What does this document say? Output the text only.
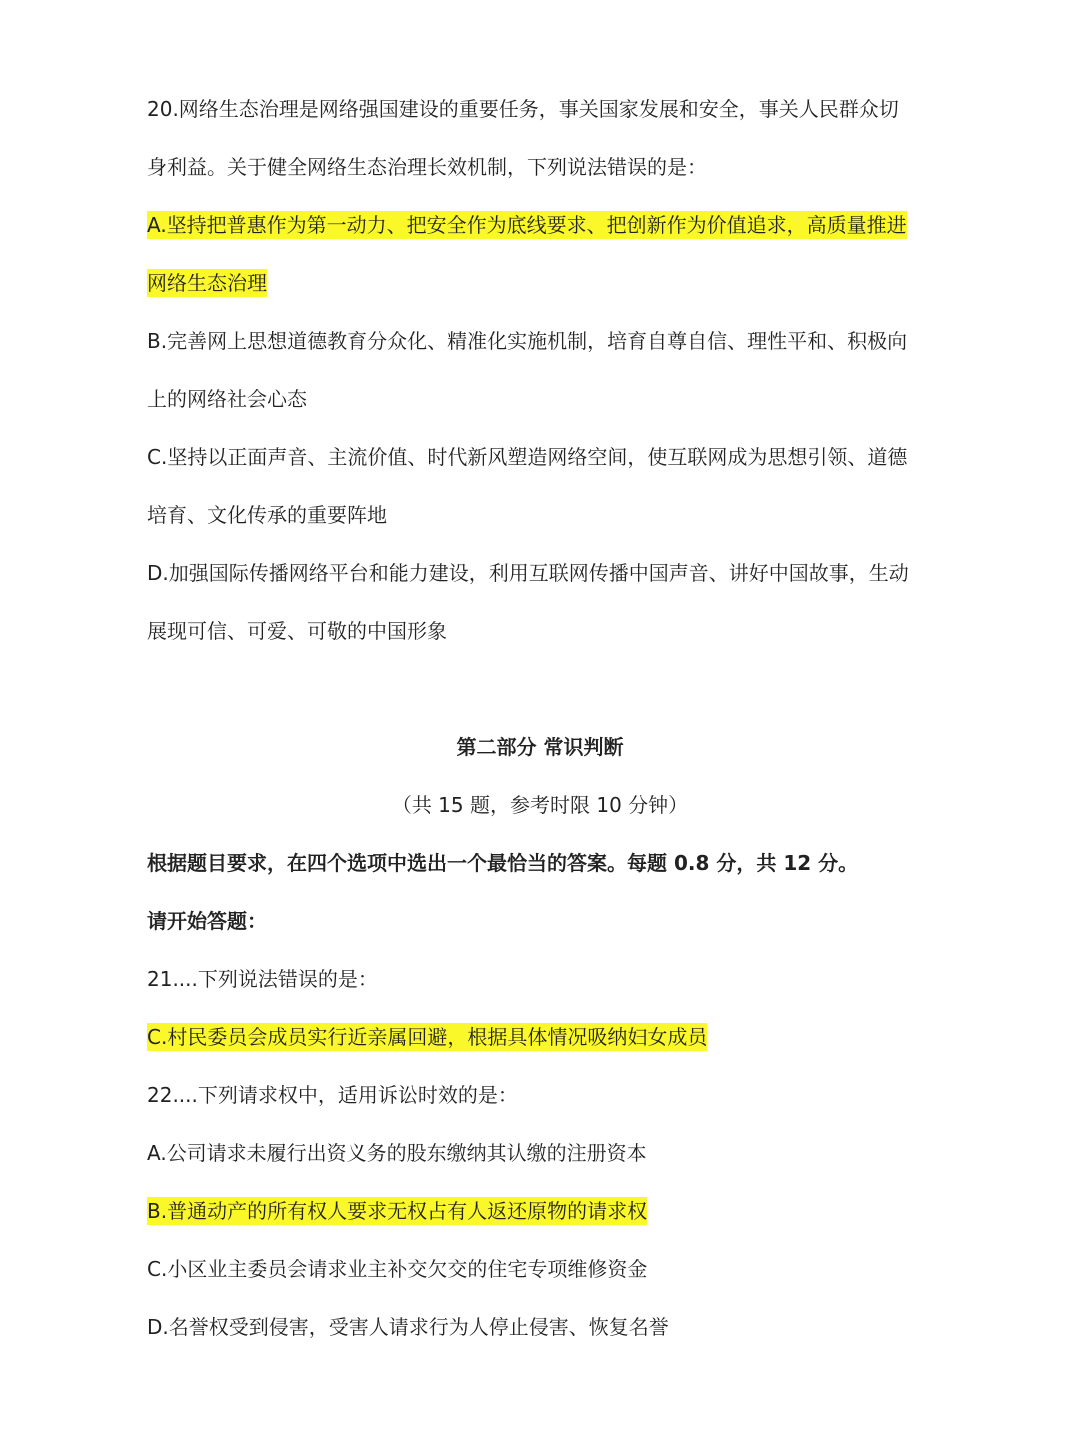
20.网络生态治理是网络强国建设的重要任务，事关国家发展和安全，事关人民群众切
身利益。关于健全网络生态治理长效机制，下列说法错误的是：
A.坚持把普惠作为第一动力、把安全作为底线要求、把创新作为价值追求，高质量推进
网络生态治理
B.完善网上思想道德教育分众化、精准化实施机制，培育自尊自信、理性平和、积极向
上的网络社会心态
C.坚持以正面声音、主流价值、时代新风塑造网络空间，使互联网成为思想引领、道德
培育、文化传承的重要阵地
D.加强国际传播网络平台和能力建设，利用互联网传播中国声音、讲好中国故事，生动
展现可信、可爱、可敬的中国形象
第二部分 常识判断
（共 15 题，参考时限 10 分钟）
根据题目要求，在四个选项中选出一个最恰当的答案。每题 0.8 分，共 12 分。
请开始答题：
21....下列说法错误的是：
C.村民委员会成员实行近亲属回避，根据具体情况吸纳妇女成员
22....下列请求权中，适用诉讼时效的是：
A.公司请求未履行出资义务的股东缴纳其认缴的注册资本
B.普通动产的所有权人要求无权占有人返还原物的请求权
C.小区业主委员会请求业主补交欠交的住宅专项维修资金
D.名誉权受到侵害，受害人请求行为人停止侵害、恢复名誉
